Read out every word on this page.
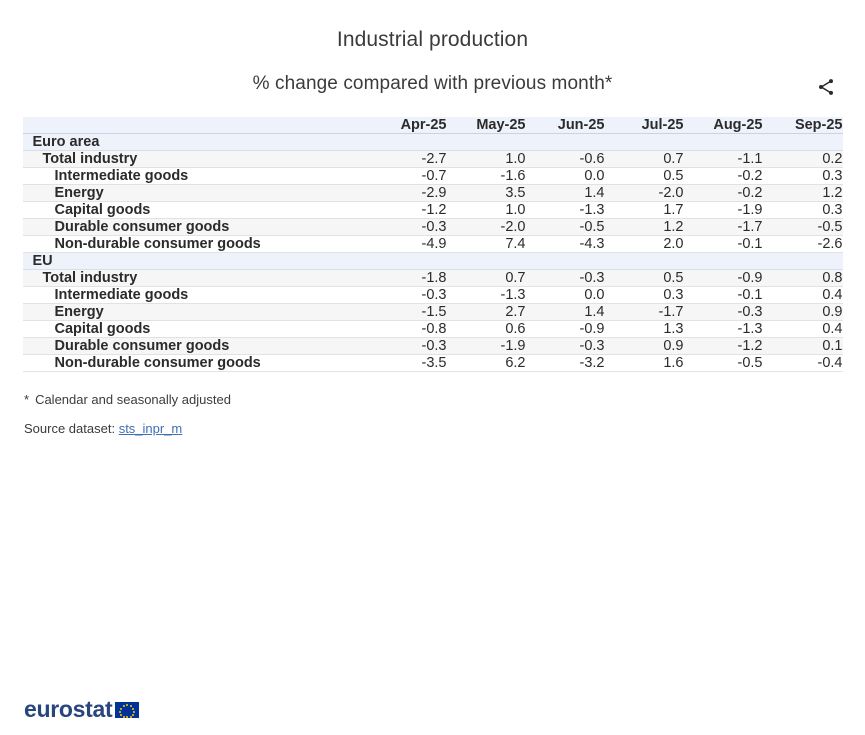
Industrial production
% change compared with previous month*
	Apr-25	May-25	Jun-25	Jul-25	Aug-25	Sep-25
Euro area						
Total industry	-2.7	1.0	-0.6	0.7	-1.1	0.2
Intermediate goods	-0.7	-1.6	0.0	0.5	-0.2	0.3
Energy	-2.9	3.5	1.4	-2.0	-0.2	1.2
Capital goods	-1.2	1.0	-1.3	1.7	-1.9	0.3
Durable consumer goods	-0.3	-2.0	-0.5	1.2	-1.7	-0.5
Non-durable consumer goods	-4.9	7.4	-4.3	2.0	-0.1	-2.6
EU						
Total industry	-1.8	0.7	-0.3	0.5	-0.9	0.8
Intermediate goods	-0.3	-1.3	0.0	0.3	-0.1	0.4
Energy	-1.5	2.7	1.4	-1.7	-0.3	0.9
Capital goods	-0.8	0.6	-0.9	1.3	-1.3	0.4
Durable consumer goods	-0.3	-1.9	-0.3	0.9	-1.2	0.1
Non-durable consumer goods	-3.5	6.2	-3.2	1.6	-0.5	-0.4
* Calendar and seasonally adjusted
Source dataset: sts_inpr_m
eurostat
